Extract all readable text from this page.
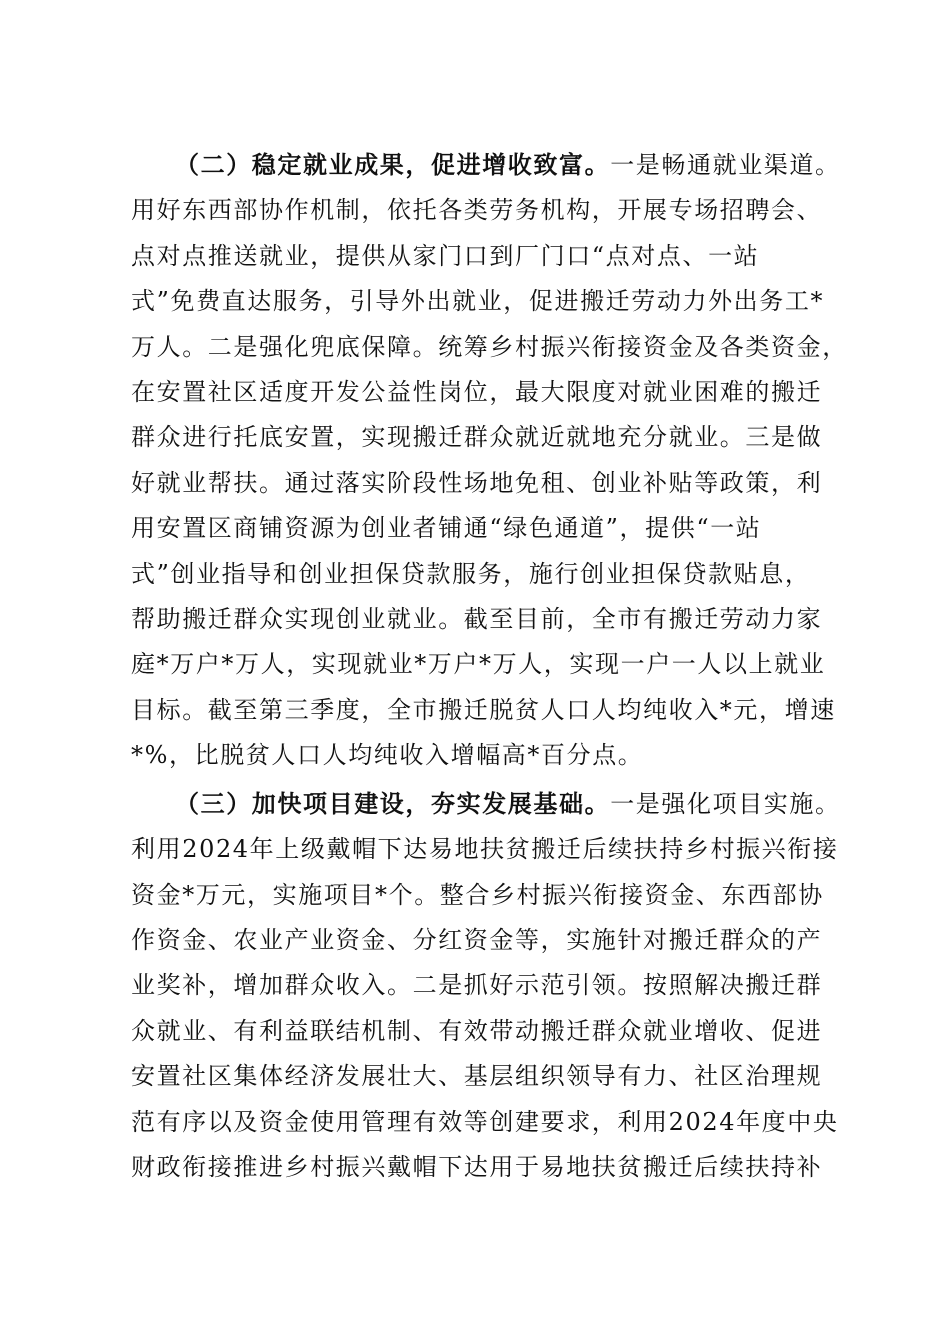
（二）稳定就业成果，促进增收致富。一是畅通就业渠道。
用好东西部协作机制，依托各类劳务机构，开展专场招聘会、
点对点推送就业，提供从家门口到厂门口“点对点、一站
式”免费直达服务，引导外出就业，促进搬迁劳动力外出务工*
万人。二是强化兜底保障。统筹乡村振兴衔接资金及各类资金，
在安置社区适度开发公益性岗位，最大限度对就业困难的搬迁
群众进行托底安置，实现搬迁群众就近就地充分就业。三是做
好就业帮扶。通过落实阶段性场地免租、创业补贴等政策，利
用安置区商铺资源为创业者铺通“绿色通道”，提供“一站
式”创业指导和创业担保贷款服务，施行创业担保贷款贴息，
帮助搬迁群众实现创业就业。截至目前，全市有搬迁劳动力家
庭*万户*万人，实现就业*万户*万人，实现一户一人以上就业
目标。截至第三季度，全市搬迁脱贫人口人均纯收入*元，增速
*%，比脱贫人口人均纯收入增幅高*百分点。
（三）加快项目建设，夯实发展基础。一是强化项目实施。
利用2024年上级戴帽下达易地扶贫搬迁后续扶持乡村振兴衔接
资金*万元，实施项目*个。整合乡村振兴衔接资金、东西部协
作资金、农业产业资金、分红资金等，实施针对搬迁群众的产
业奖补，增加群众收入。二是抓好示范引领。按照解决搬迁群
众就业、有利益联结机制、有效带动搬迁群众就业增收、促进
安置社区集体经济发展壮大、基层组织领导有力、社区治理规
范有序以及资金使用管理有效等创建要求，利用2024年度中央
财政衔接推进乡村振兴戴帽下达用于易地扶贫搬迁后续扶持补
